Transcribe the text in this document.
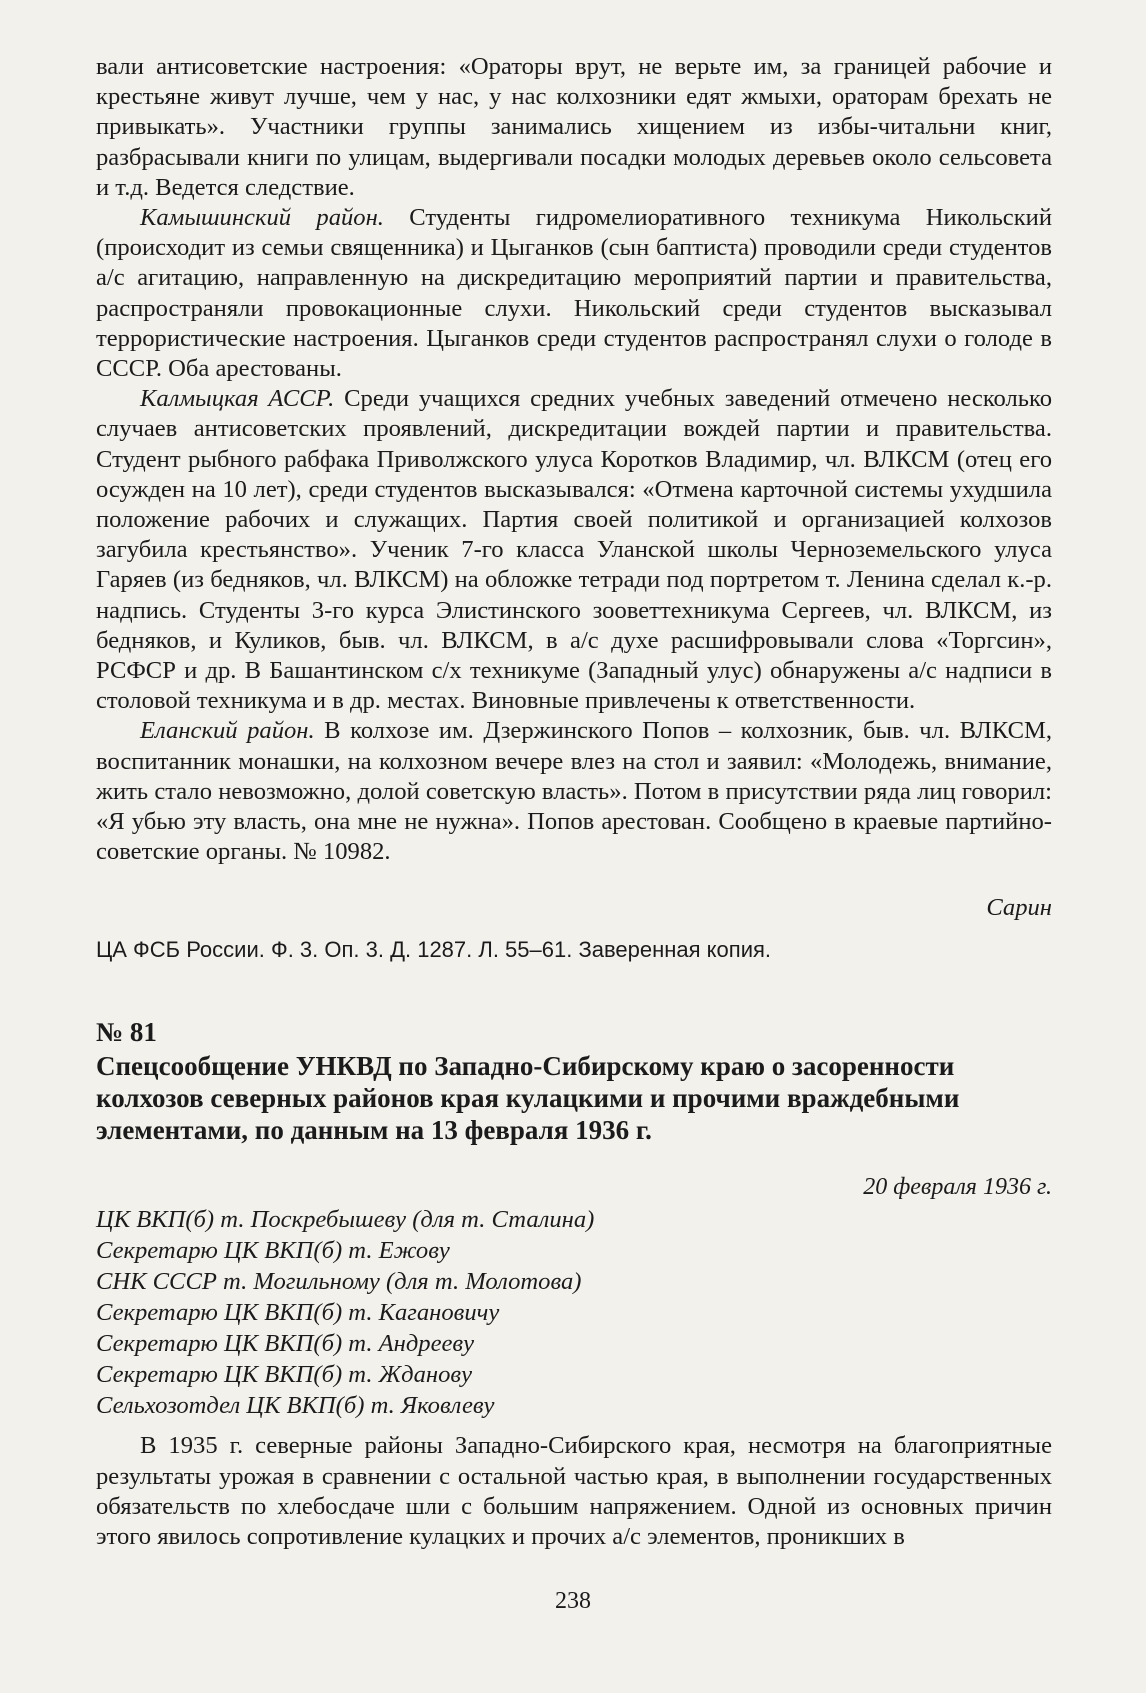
вали антисоветские настроения: «Ораторы врут, не верьте им, за границей рабочие и крестьяне живут лучше, чем у нас, у нас колхозники едят жмыхи, ораторам брехать не привыкать». Участники группы занимались хищением из избы-читальни книг, разбрасывали книги по улицам, выдергивали посадки молодых деревьев около сельсовета и т.д. Ведется следствие.

Камышинский район. Студенты гидромелиоративного техникума Никольский (происходит из семьи священника) и Цыганков (сын баптиста) проводили среди студентов а/с агитацию, направленную на дискредитацию мероприятий партии и правительства, распространяли провокационные слухи. Никольский среди студентов высказывал террористические настроения. Цыганков среди студентов распространял слухи о голоде в СССР. Оба арестованы.

Калмыцкая АССР. Среди учащихся средних учебных заведений отмечено несколько случаев антисоветских проявлений, дискредитации вождей партии и правительства. Студент рыбного рабфака Приволжского улуса Коротков Владимир, чл. ВЛКСМ (отец его осужден на 10 лет), среди студентов высказывался: «Отмена карточной системы ухудшила положение рабочих и служащих. Партия своей политикой и организацией колхозов загубила крестьянство». Ученик 7-го класса Уланской школы Черноземельского улуса Гаряев (из бедняков, чл. ВЛКСМ) на обложке тетради под портретом т. Ленина сделал к.-р. надпись. Студенты 3-го курса Элистинского зооветтехникума Сергеев, чл. ВЛКСМ, из бедняков, и Куликов, быв. чл. ВЛКСМ, в а/с духе расшифровывали слова «Торгсин», РСФСР и др. В Башантинском с/х техникуме (Западный улус) обнаружены а/с надписи в столовой техникума и в др. местах. Виновные привлечены к ответственности.

Еланский район. В колхозе им. Дзержинского Попов – колхозник, быв. чл. ВЛКСМ, воспитанник монашки, на колхозном вечере влез на стол и заявил: «Молодежь, внимание, жить стало невозможно, долой советскую власть». Потом в присутствии ряда лиц говорил: «Я убью эту власть, она мне не нужна». Попов арестован. Сообщено в краевые партийно-советские органы. № 10982.

Сарин
ЦА ФСБ России. Ф. 3. Оп. 3. Д. 1287. Л. 55–61. Заверенная копия.
№ 81
Спецсообщение УНКВД по Западно-Сибирскому краю о засоренности колхозов северных районов края кулацкими и прочими враждебными элементами, по данным на 13 февраля 1936 г.
20 февраля 1936 г.
ЦК ВКП(б) т. Поскребышеву (для т. Сталина)
Секретарю ЦК ВКП(б) т. Ежову
СНК СССР т. Могильному (для т. Молотова)
Секретарю ЦК ВКП(б) т. Кагановичу
Секретарю ЦК ВКП(б) т. Андрееву
Секретарю ЦК ВКП(б) т. Жданову
Сельхозотдел ЦК ВКП(б) т. Яковлеву

В 1935 г. северные районы Западно-Сибирского края, несмотря на благоприятные результаты урожая в сравнении с остальной частью края, в выполнении государственных обязательств по хлебосдаче шли с большим напряжением. Одной из основных причин этого явилось сопротивление кулацких и прочих а/с элементов, проникших в

238
